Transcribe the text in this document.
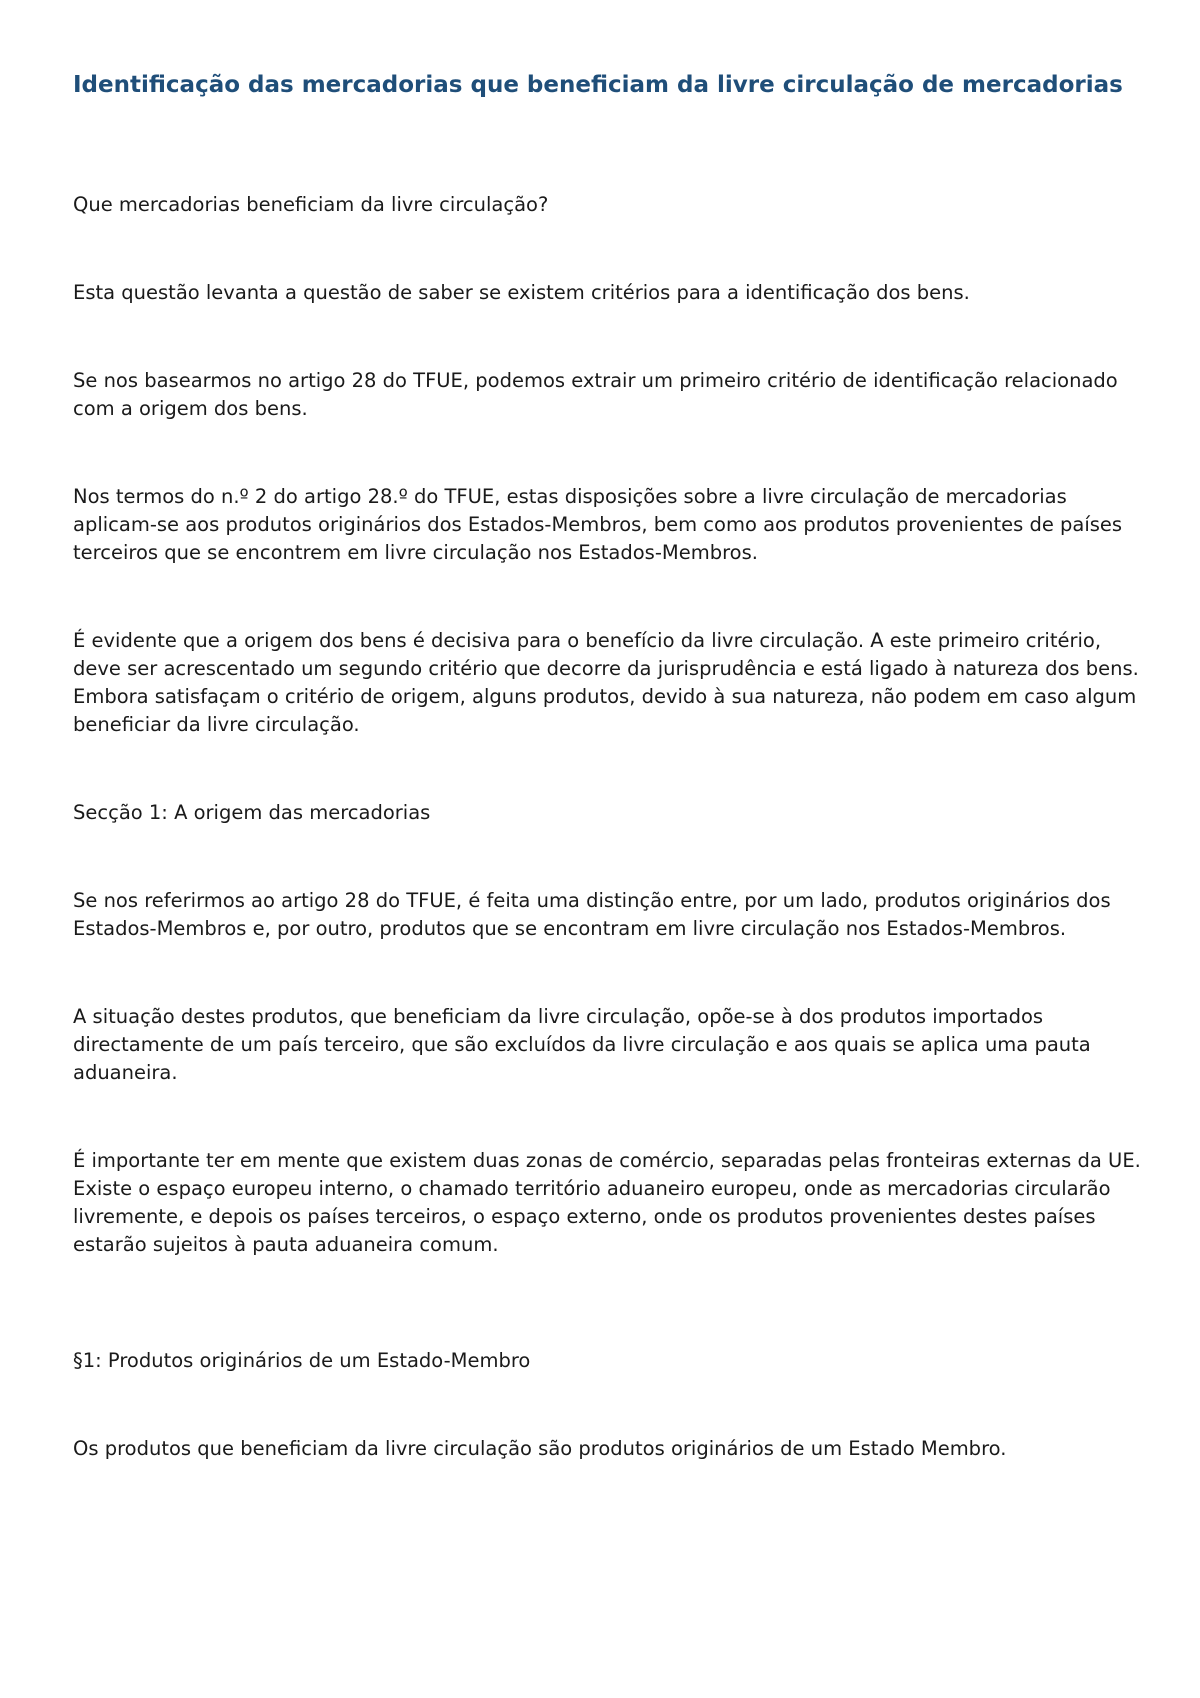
Identificação das mercadorias que beneficiam da livre circulação de mercadorias

Que mercadorias beneficiam da livre circulação?

Esta questão levanta a questão de saber se existem critérios para a identificação dos bens.

Se nos basearmos no artigo 28 do TFUE, podemos extrair um primeiro critério de identificação relacionado com a origem dos bens.

Nos termos do n.º 2 do artigo 28.º do TFUE, estas disposições sobre a livre circulação de mercadorias aplicam-se aos produtos originários dos Estados-Membros, bem como aos produtos provenientes de países terceiros que se encontrem em livre circulação nos Estados-Membros.

É evidente que a origem dos bens é decisiva para o benefício da livre circulação. A este primeiro critério, deve ser acrescentado um segundo critério que decorre da jurisprudência e está ligado à natureza dos bens. Embora satisfaçam o critério de origem, alguns produtos, devido à sua natureza, não podem em caso algum beneficiar da livre circulação.

Secção 1: A origem das mercadorias

Se nos referirmos ao artigo 28 do TFUE, é feita uma distinção entre, por um lado, produtos originários dos Estados-Membros e, por outro, produtos que se encontram em livre circulação nos Estados-Membros.

A situação destes produtos, que beneficiam da livre circulação, opõe-se à dos produtos importados directamente de um país terceiro, que são excluídos da livre circulação e aos quais se aplica uma pauta aduaneira.

É importante ter em mente que existem duas zonas de comércio, separadas pelas fronteiras externas da UE. Existe o espaço europeu interno, o chamado território aduaneiro europeu, onde as mercadorias circularão livremente, e depois os países terceiros, o espaço externo, onde os produtos provenientes destes países estarão sujeitos à pauta aduaneira comum.

§1: Produtos originários de um Estado-Membro

Os produtos que beneficiam da livre circulação são produtos originários de um Estado Membro.
